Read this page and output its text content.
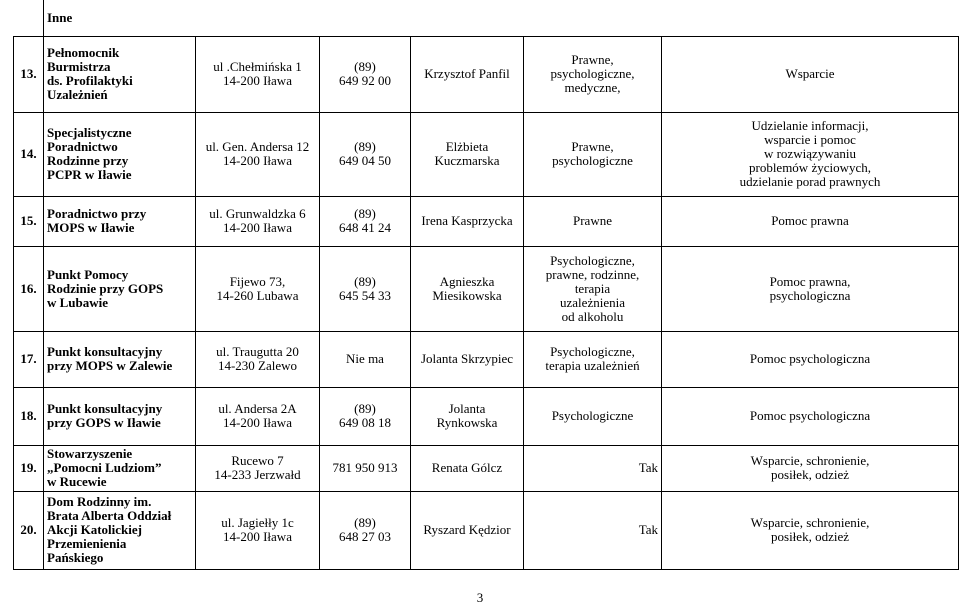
	Inne					
13.	Pełnomocnik
Burmistrza
ds. Profilaktyki
Uzależnień	ul .Chełmińska 1
14-200 Iława	(89)
649 92 00	Krzysztof Panfil	Prawne,
psychologiczne,
medyczne,	Wsparcie

14.	Specjalistyczne
Poradnictwo
Rodzinne przy
PCPR w Iławie	ul. Gen. Andersa 12
14-200 Iława	(89)
649 04 50	Elżbieta
Kuczmarska	Prawne,
psychologiczne	Udzielanie informacji,
wsparcie i pomoc
w rozwiązywaniu
problemów życiowych,
udzielanie porad prawnych

15.	Poradnictwo przy
MOPS w Iławie	ul. Grunwaldzka 6
14-200 Iława	(89)
648 41 24	Irena Kasprzycka	Prawne	Pomoc prawna

16.	Punkt Pomocy
Rodzinie przy GOPS
w Lubawie	Fijewo 73,
14-260 Lubawa	(89)
645 54 33	Agnieszka
Miesikowska	Psychologiczne,
prawne, rodzinne,
terapia
uzależnienia
od alkoholu	Pomoc prawna,
psychologiczna

17.	Punkt konsultacyjny
przy MOPS w Zalewie	ul. Traugutta 20
14-230 Zalewo	Nie ma	Jolanta Skrzypiec	Psychologiczne,
terapia uzależnień	Pomoc psychologiczna

18.	Punkt konsultacyjny
przy GOPS w Iławie	ul. Andersa 2A
14-200 Iława	(89)
649 08 18	Jolanta
Rynkowska	Psychologiczne	Pomoc psychologiczna

19.	Stowarzyszenie
„Pomocni Ludziom”
w Rucewie	Rucewo 7
14-233 Jerzwałd	781 950 913	Renata Gólcz	Tak	Wsparcie, schronienie,
posiłek, odzież

20.	Dom Rodzinny im.
Brata Alberta Oddział
Akcji Katolickiej
Przemienienia
Pańskiego	ul. Jagiełły 1c
14-200 Iława	(89)
648 27 03	Ryszard Kędzior	Tak	Wsparcie, schronienie,
posiłek, odzież
3
